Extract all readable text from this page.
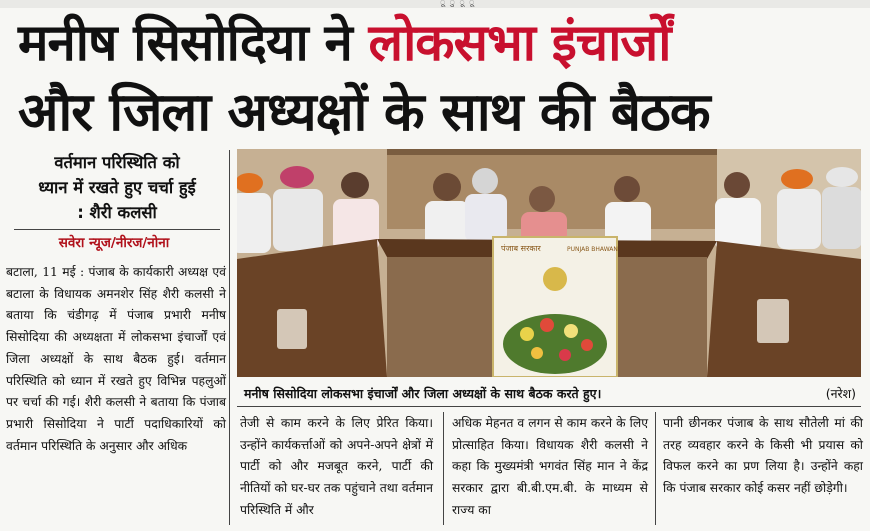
ू ु ू ू
मनीष सिसोदिया ने लोकसभा इंचार्जों
और जिला अध्यक्षों के साथ की बैठक
वर्तमान परिस्थिति को
ध्यान में रखते हुए चर्चा हुई
: शैरी कलसी
सवेरा न्यूज/नीरज/नोना
बटाला, 11 मई : पंजाब के कार्यकारी अध्यक्ष एवं बटाला के विधायक अमनशेर सिंह शैरी कलसी ने बताया कि चंडीगढ़ में पंजाब प्रभारी मनीष सिसोदिया की अध्यक्षता में लोकसभा इंचार्जों एवं जिला अध्यक्षों के साथ बैठक हुई। वर्तमान परिस्थिति को ध्यान में रखते हुए विभिन्न पहलुओं पर चर्चा की गई। शैरी कलसी ने बताया कि पंजाब प्रभारी सिसोदिया ने पार्टी पदाधिकारियों को वर्तमान परिस्थिति के अनुसार और अधिक
पंजाब सरकार	PUNJAB BHAWAN
मनीष सिसोदिया लोकसभा इंचार्जों और जिला अध्यक्षों के साथ बैठक करते हुए।	(नरेश)
तेजी से काम करने के लिए प्रेरित किया। उन्होंने कार्यकर्त्ताओं को अपने-अपने क्षेत्रों में पार्टी को और मजबूत करने, पार्टी की नीतियों को घर-घर तक पहुंचाने तथा वर्तमान परिस्थिति में और
अधिक मेहनत व लगन से काम करने के लिए प्रोत्साहित किया। विधायक शैरी कलसी ने कहा कि मुख्यमंत्री भगवंत सिंह मान ने केंद्र सरकार द्वारा बी.बी.एम.बी. के माध्यम से राज्य का
पानी छीनकर पंजाब के साथ सौतेली मां की तरह व्यवहार करने के किसी भी प्रयास को विफल करने का प्रण लिया है। उन्होंने कहा कि पंजाब सरकार कोई कसर नहीं छोड़ेगी।
